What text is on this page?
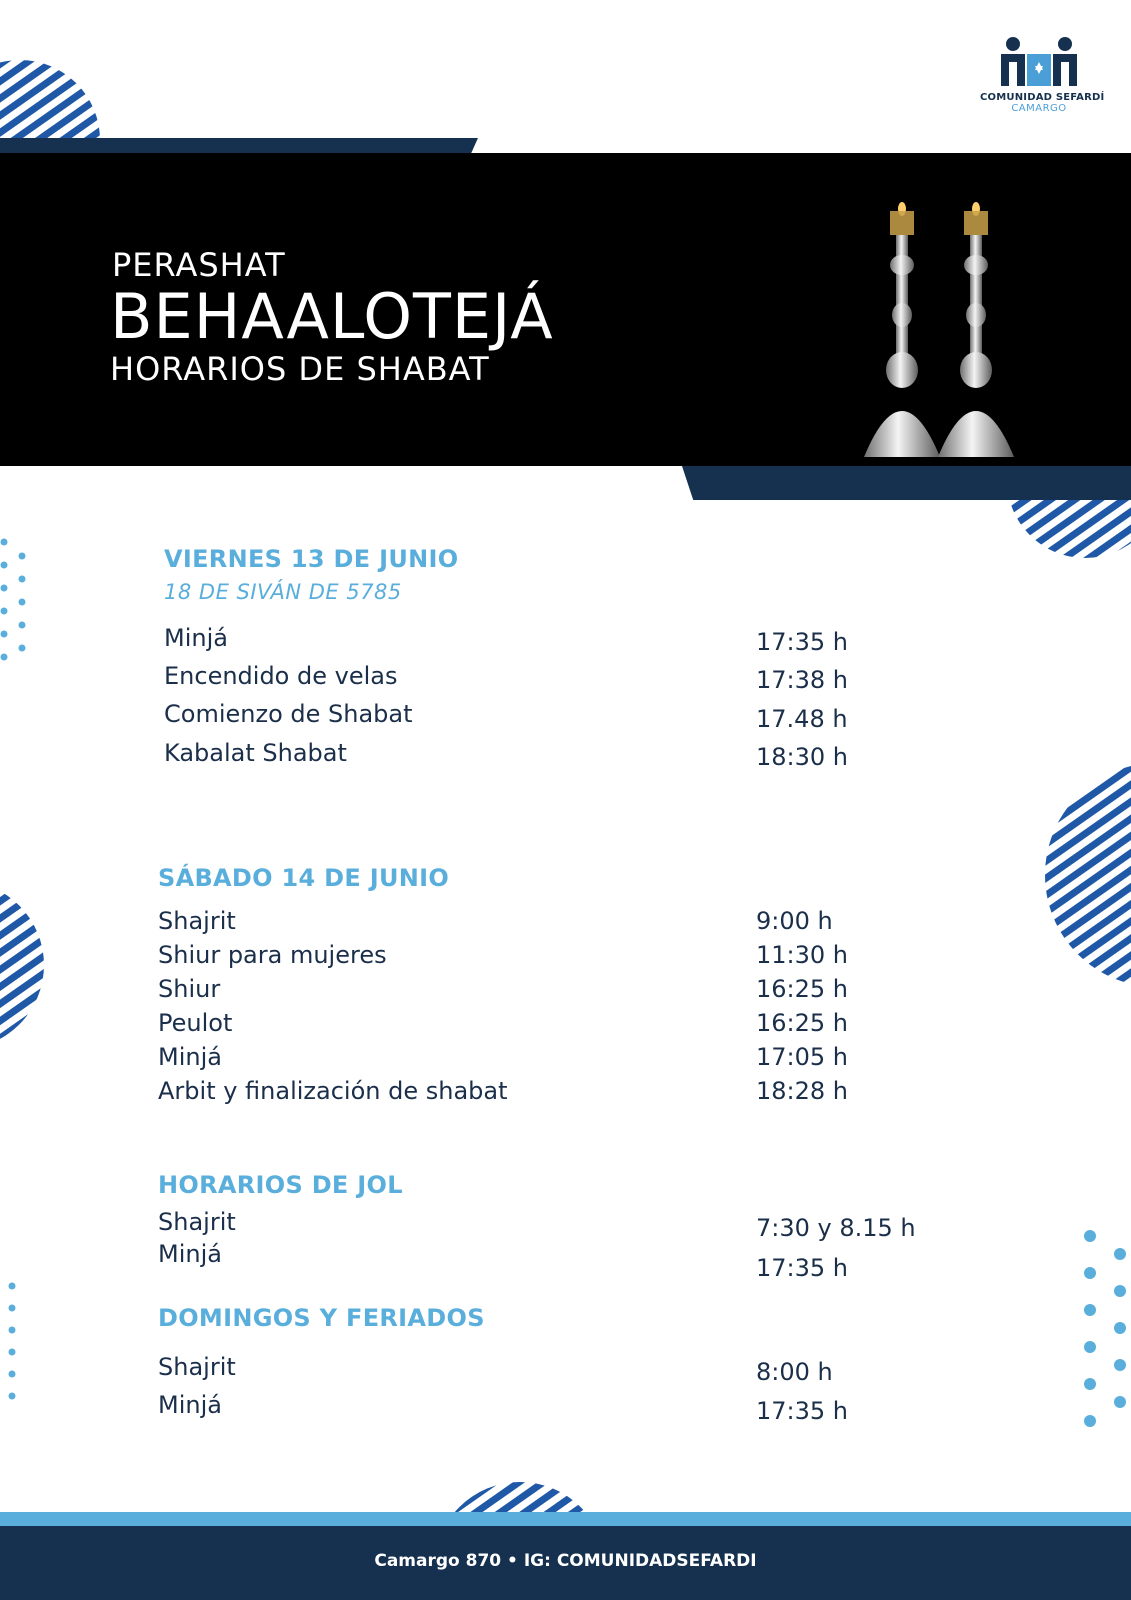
PERASHAT
BEHAALOTEJÁ
HORARIOS DE SHABAT
COMUNIDAD SEFARDÍ
CAMARGO
VIERNES 13 DE JUNIO
18 DE SIVÁN DE 5785
Minjá	17:35 h
Encendido de velas	17:38 h
Comienzo de Shabat	17.48 h
Kabalat Shabat	18:30 h
SÁBADO 14 DE JUNIO
Shajrit	9:00 h
Shiur para mujeres	11:30 h
Shiur	16:25 h
Peulot	16:25 h
Minjá	17:05 h
Arbit y finalización de shabat	18:28 h
HORARIOS DE JOL
Shajrit	7:30 y 8.15 h
Minjá	17:35 h
DOMINGOS Y FERIADOS
Shajrit	8:00 h
Minjá	17:35 h
Camargo 870 • IG: COMUNIDADSEFARDI
